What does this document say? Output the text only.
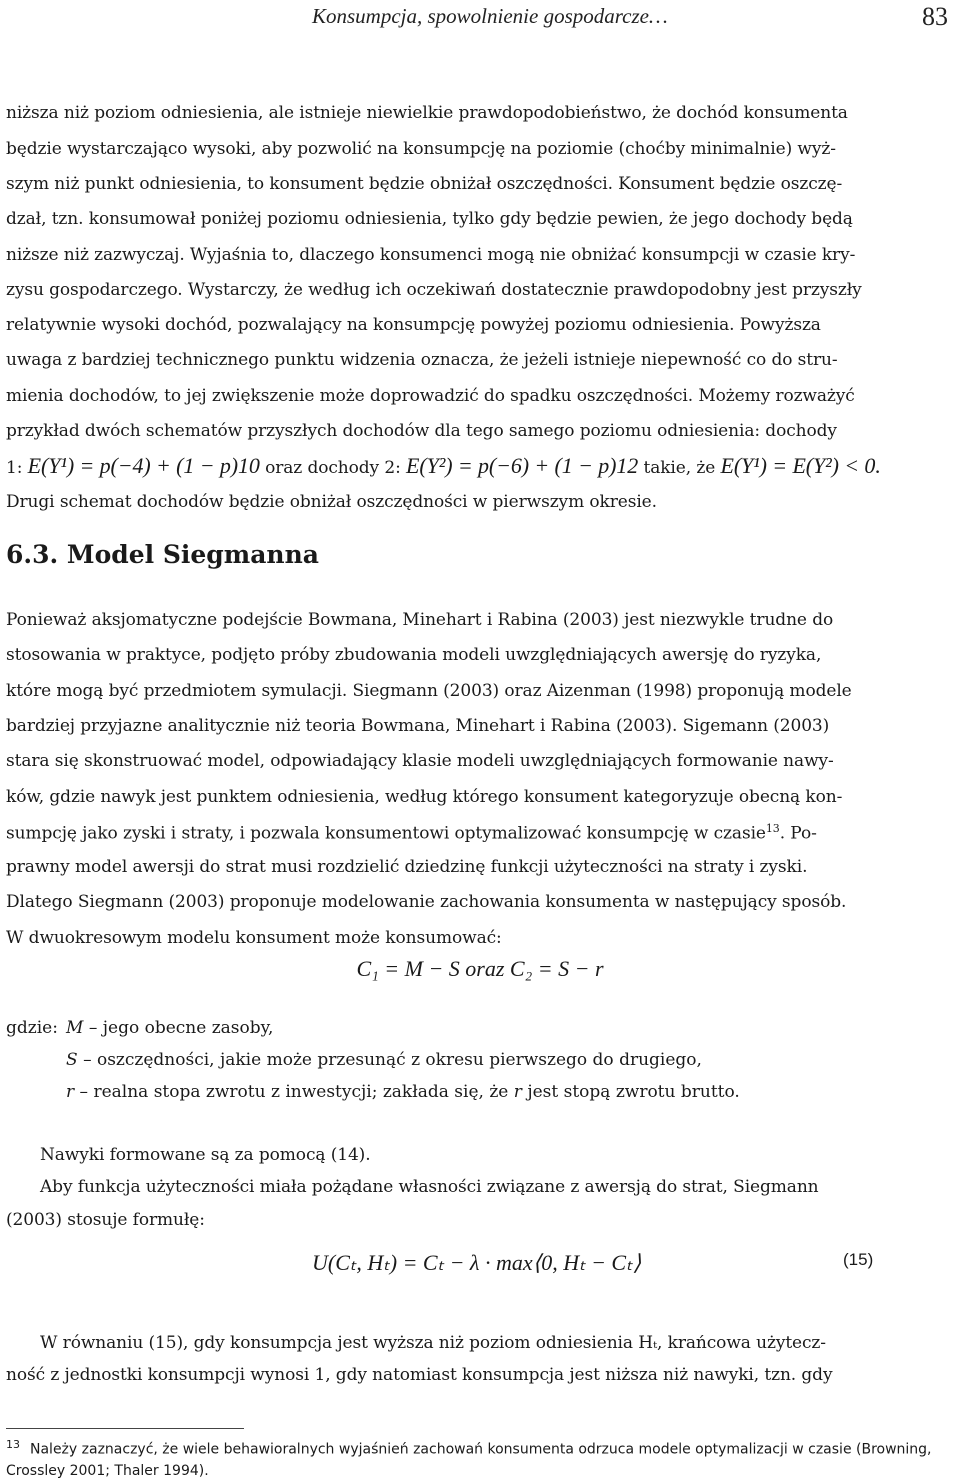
Konsumpcja, spowolnienie gospodarcze…	83
niższa niż poziom odniesienia, ale istnieje niewielkie prawdopodobieństwo, że dochód konsumenta
będzie wystarczająco wysoki, aby pozwolić na konsumpcję na poziomie (choćby minimalnie) wyż-
szym niż punkt odniesienia, to konsument będzie obniżał oszczędności. Konsument będzie oszczę-
dzał, tzn. konsumował poniżej poziomu odniesienia, tylko gdy będzie pewien, że jego dochody będą
niższe niż zazwyczaj. Wyjaśnia to, dlaczego konsumenci mogą nie obniżać konsumpcji w czasie kry-
zysu gospodarczego. Wystarczy, że według ich oczekiwań dostatecznie prawdopodobny jest przyszły
relatywnie wysoki dochód, pozwalający na konsumpcję powyżej poziomu odniesienia. Powyższa
uwaga z bardziej technicznego punktu widzenia oznacza, że jeżeli istnieje niepewność co do stru-
mienia dochodów, to jej zwiększenie może doprowadzić do spadku oszczędności. Możemy rozważyć
przykład dwóch schematów przyszłych dochodów dla tego samego poziomu odniesienia: dochody
1: E(Y¹) = p(−4) + (1 − p)10 oraz dochody 2: E(Y²) = p(−6) + (1 − p)12 takie, że E(Y¹) = E(Y²) < 0.
Drugi schemat dochodów będzie obniżał oszczędności w pierwszym okresie.
6.3. Model Siegmanna
Ponieważ aksjomatyczne podejście Bowmana, Minehart i Rabina (2003) jest niezwykle trudne do
stosowania w praktyce, podjęto próby zbudowania modeli uwzględniających awersję do ryzyka,
które mogą być przedmiotem symulacji. Siegmann (2003) oraz Aizenman (1998) proponują modele
bardziej przyjazne analitycznie niż teoria Bowmana, Minehart i Rabina (2003). Sigemann (2003)
stara się skonstruować model, odpowiadający klasie modeli uwzględniających formowanie nawy-
ków, gdzie nawyk jest punktem odniesienia, według którego konsument kategoryzuje obecną kon-
sumpcję jako zyski i straty, i pozwala konsumentowi optymalizować konsumpcję w czasie$^{13}$. Po-
prawny model awersji do strat musi rozdzielić dziedzinę funkcji użyteczności na straty i zyski.
Dlatego Siegmann (2003) proponuje modelowanie zachowania konsumenta w następujący sposób.
W dwuokresowym modelu konsument może konsumować:
C₁ = M − S oraz C₂ = S − r
gdzie: M – jego obecne zasoby,
S – oszczędności, jakie może przesunąć z okresu pierwszego do drugiego,
r – realna stopa zwrotu z inwestycji; zakłada się, że r jest stopą zwrotu brutto.
Nawyki formowane są za pomocą (14).
Aby funkcja użyteczności miała pożądane własności związane z awersją do strat, Siegmann
(2003) stosuje formułę:
U(Cₜ, Hₜ) = Cₜ − λ · max⟨0, Hₜ − Cₜ⟩	(15)
W równaniu (15), gdy konsumpcja jest wyższa niż poziom odniesienia Hₜ, krańcowa użytecz-
ność z jednostki konsumpcji wynosi 1, gdy natomiast konsumpcja jest niższa niż nawyki, tzn. gdy
$^{13}$ Należy zaznaczyć, że wiele behawioralnych wyjaśnień zachowań konsumenta odrzuca modele optymalizacji w czasie (Browning, Crossley 2001; Thaler 1994).
